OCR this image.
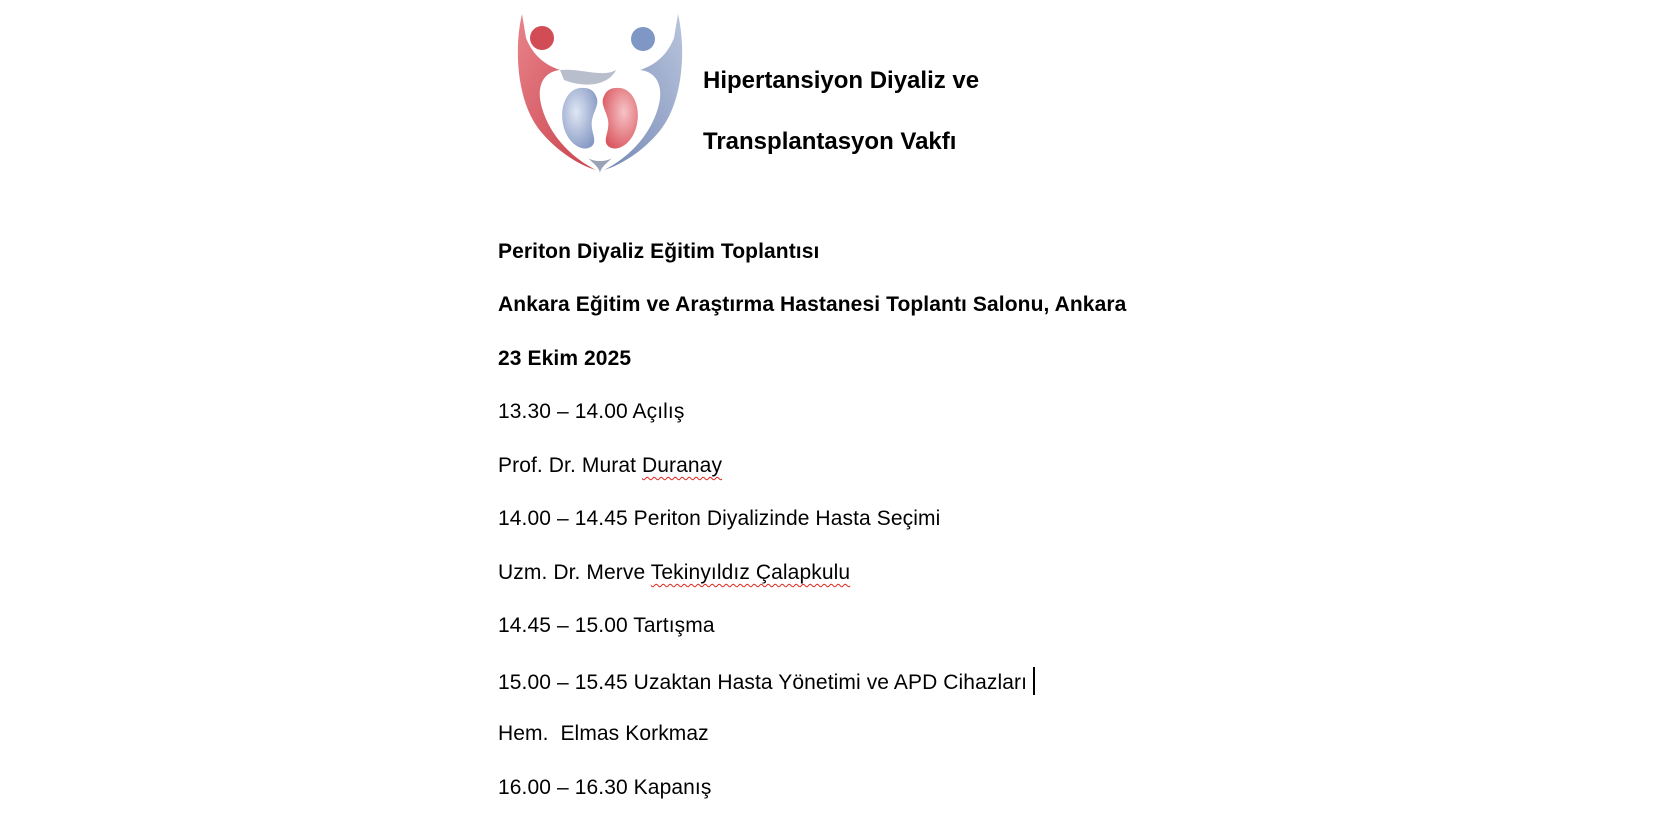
Hipertansiyon Diyaliz ve
Transplantasyon Vakfı
Periton Diyaliz Eğitim Toplantısı
Ankara Eğitim ve Araştırma Hastanesi Toplantı Salonu, Ankara
23 Ekim 2025
13.30 – 14.00 Açılış
Prof. Dr. Murat Duranay
14.00 – 14.45 Periton Diyalizinde Hasta Seçimi
Uzm. Dr. Merve Tekinyıldız Çalapkulu
14.45 – 15.00 Tartışma
15.00 – 15.45 Uzaktan Hasta Yönetimi ve APD Cihazları
Hem.  Elmas Korkmaz
16.00 – 16.30 Kapanış
